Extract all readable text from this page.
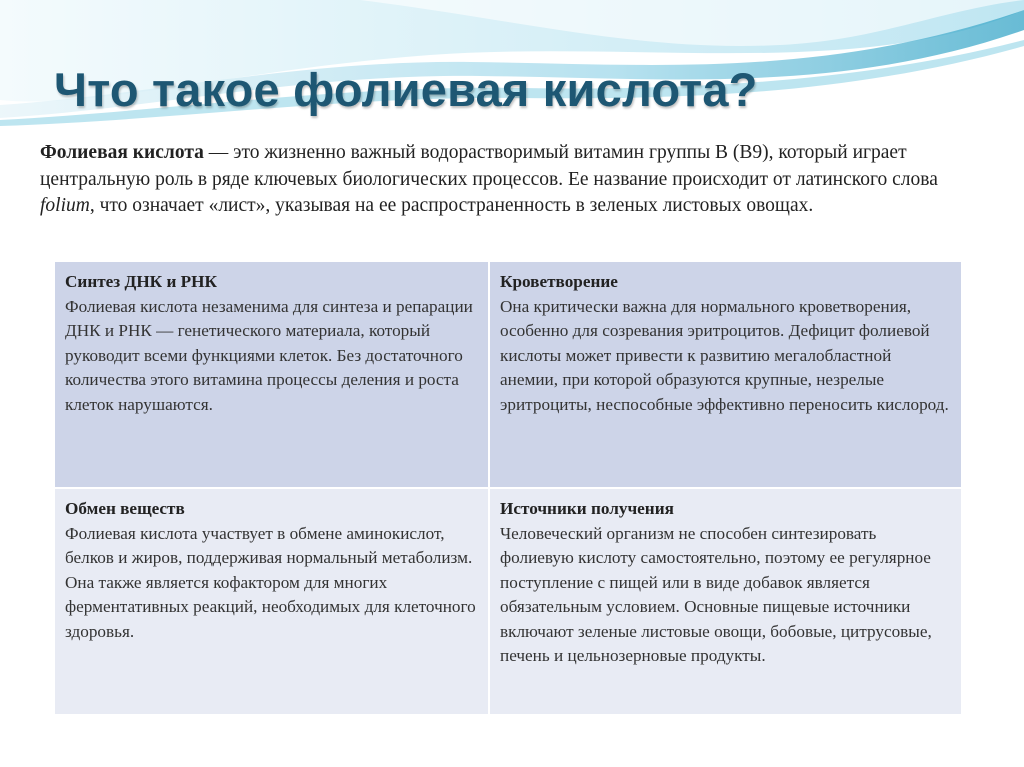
Что такое фолиевая кислота?
Фолиевая кислота — это жизненно важный водорастворимый витамин группы B (B9), который играет центральную роль в ряде ключевых биологических процессов. Ее название происходит от латинского слова folium, что означает «лист», указывая на ее распространенность в зеленых листовых овощах.
Синтез ДНК и РНК
Фолиевая кислота незаменима для синтеза и репарации ДНК и РНК — генетического материала, который руководит всеми функциями клеток. Без достаточного количества этого витамина процессы деления и роста клеток нарушаются.
Кроветворение
Она критически важна для нормального кроветворения, особенно для созревания эритроцитов. Дефицит фолиевой кислоты может привести к развитию мегалобластной анемии, при которой образуются крупные, незрелые эритроциты, неспособные эффективно переносить кислород.
Обмен веществ
Фолиевая кислота участвует в обмене аминокислот, белков и жиров, поддерживая нормальный метаболизм. Она также является кофактором для многих ферментативных реакций, необходимых для клеточного здоровья.
Источники получения
Человеческий организм не способен синтезировать фолиевую кислоту самостоятельно, поэтому ее регулярное поступление с пищей или в виде добавок является обязательным условием. Основные пищевые источники включают зеленые листовые овощи, бобовые, цитрусовые, печень и цельнозерновые продукты.
